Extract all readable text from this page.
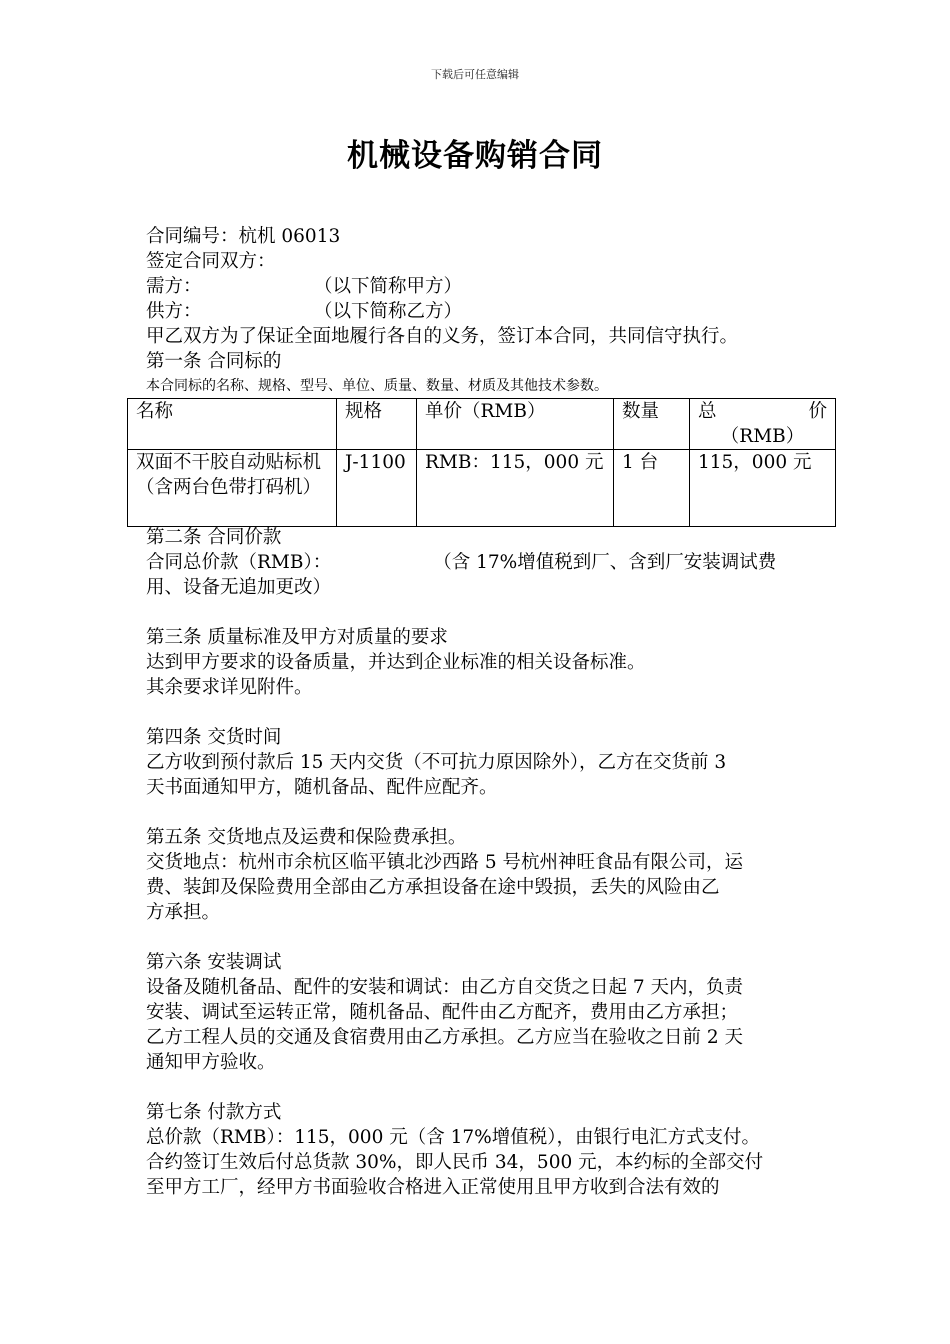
下载后可任意编辑
机械设备购销合同
合同编号：杭机 06013
签定合同双方：
需方：	（以下简称甲方）
供方：	（以下简称乙方）
甲乙双方为了保证全面地履行各自的义务，签订本合同，共同信守执行。
第一条 合同标的
本合同标的名称、规格、型号、单位、质量、数量、材质及其他技术参数。
名称	规格	单价（RMB）	数量	总 价
（RMB）

双面不干胶自动贴标机（含两台色带打码机）	J-1100	RMB：115，000 元	1 台	115，000 元
第二条 合同价款
合同总价款（RMB）：	（含 17%增值税到厂、含到厂安装调试费
用、设备无追加更改）
第三条 质量标准及甲方对质量的要求
达到甲方要求的设备质量，并达到企业标准的相关设备标准。
其余要求详见附件。
第四条 交货时间
乙方收到预付款后 15 天内交货（不可抗力原因除外），乙方在交货前 3
天书面通知甲方，随机备品、配件应配齐。
第五条 交货地点及运费和保险费承担。
交货地点：杭州市余杭区临平镇北沙西路 5 号杭州神旺食品有限公司，运
费、装卸及保险费用全部由乙方承担设备在途中毁损，丢失的风险由乙
方承担。
第六条 安装调试
设备及随机备品、配件的安装和调试：由乙方自交货之日起 7 天内，负责
安装、调试至运转正常，随机备品、配件由乙方配齐，费用由乙方承担；
乙方工程人员的交通及食宿费用由乙方承担。乙方应当在验收之日前 2 天
通知甲方验收。
第七条 付款方式
总价款（RMB）：115，000 元（含 17%增值税），由银行电汇方式支付。
合约签订生效后付总货款 30%，即人民币 34，500 元，本约标的全部交付
至甲方工厂，经甲方书面验收合格进入正常使用且甲方收到合法有效的
